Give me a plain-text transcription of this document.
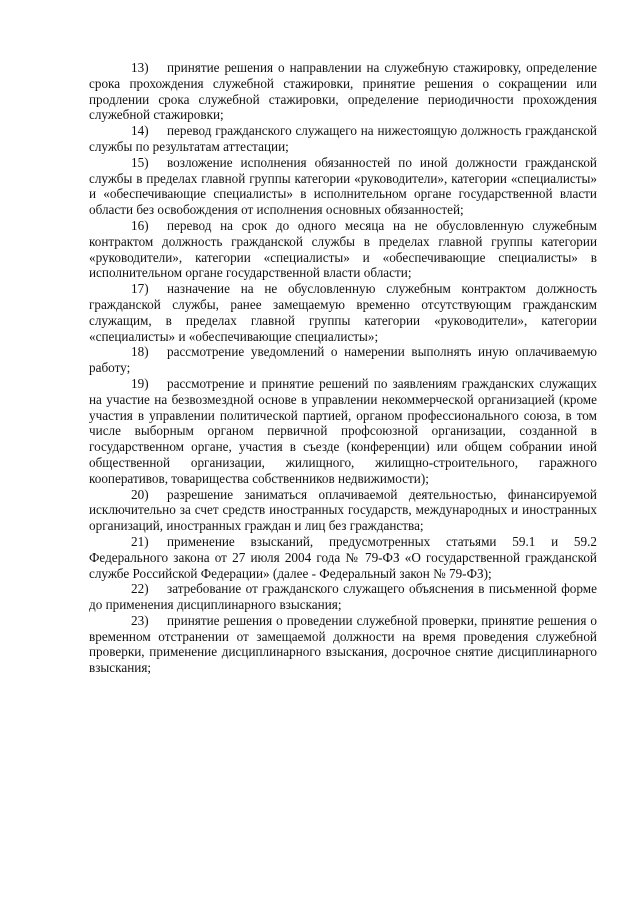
13) принятие решения о направлении на служебную стажировку, определение срока прохождения служебной стажировки, принятие решения о сокращении или продлении срока служебной стажировки, определение периодичности прохождения служебной стажировки;

14) перевод гражданского служащего на нижестоящую должность гражданской службы по результатам аттестации;

15) возложение исполнения обязанностей по иной должности гражданской службы в пределах главной группы категории «руководители», категории «специалисты» и «обеспечивающие специалисты» в исполнительном органе государственной власти области без освобождения от исполнения основных обязанностей;

16) перевод на срок до одного месяца на не обусловленную служебным контрактом должность гражданской службы в пределах главной группы категории «руководители», категории «специалисты» и «обеспечивающие специалисты» в исполнительном органе государственной власти области;

17) назначение на не обусловленную служебным контрактом должность гражданской службы, ранее замещаемую временно отсутствующим гражданским служащим, в пределах главной группы категории «руководители», категории «специалисты» и «обеспечивающие специалисты»;

18) рассмотрение уведомлений о намерении выполнять иную оплачиваемую работу;

19) рассмотрение и принятие решений по заявлениям гражданских служащих на участие на безвозмездной основе в управлении некоммерческой организацией (кроме участия в управлении политической партией, органом профессионального союза, в том числе выборным органом первичной профсоюзной организации, созданной в государственном органе, участия в съезде (конференции) или общем собрании иной общественной организации, жилищного, жилищно-строительного, гаражного кооперативов, товарищества собственников недвижимости);

20) разрешение заниматься оплачиваемой деятельностью, финансируемой исключительно за счет средств иностранных государств, международных и иностранных организаций, иностранных граждан и лиц без гражданства;

21) применение взысканий, предусмотренных статьями 59.1 и 59.2 Федерального закона от 27 июля 2004 года № 79-ФЗ «О государственной гражданской службе Российской Федерации» (далее - Федеральный закон № 79-ФЗ);

22) затребование от гражданского служащего объяснения в письменной форме до применения дисциплинарного взыскания;

23) принятие решения о проведении служебной проверки, принятие решения о временном отстранении от замещаемой должности на время проведения служебной проверки, применение дисциплинарного взыскания, досрочное снятие дисциплинарного взыскания;
